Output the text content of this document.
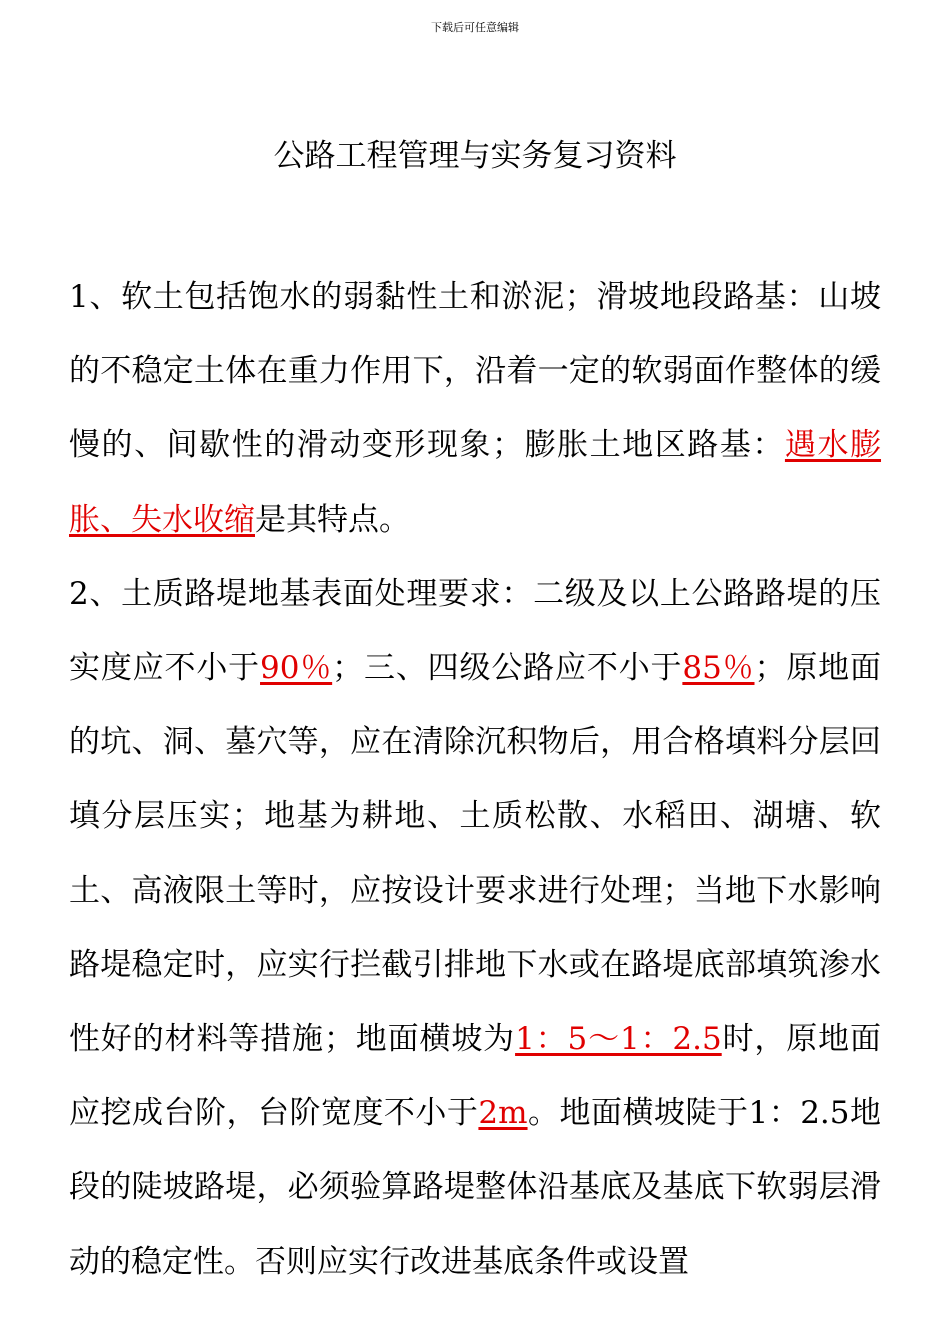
下载后可任意编辑
公路工程管理与实务复习资料

1、软土包括饱水的弱黏性土和淤泥；滑坡地段路基：山坡的不稳定土体在重力作用下，沿着一定的软弱面作整体的缓慢的、间歇性的滑动变形现象；膨胀土地区路基：遇水膨胀、失水收缩是其特点。

2、土质路堤地基表面处理要求：二级及以上公路路堤的压实度应不小于90％；三、四级公路应不小于85％；原地面的坑、洞、墓穴等，应在清除沉积物后，用合格填料分层回填分层压实；地基为耕地、土质松散、水稻田、湖塘、软土、高液限土等时，应按设计要求进行处理；当地下水影响路堤稳定时，应实行拦截引排地下水或在路堤底部填筑渗水性好的材料等措施；地面横坡为1：5～1：2.5时，原地面应挖成台阶，台阶宽度不小于2m。地面横坡陡于1：2.5地段的陡坡路堤，必须验算路堤整体沿基底及基底下软弱层滑动的稳定性。否则应实行改进基底条件或设置
